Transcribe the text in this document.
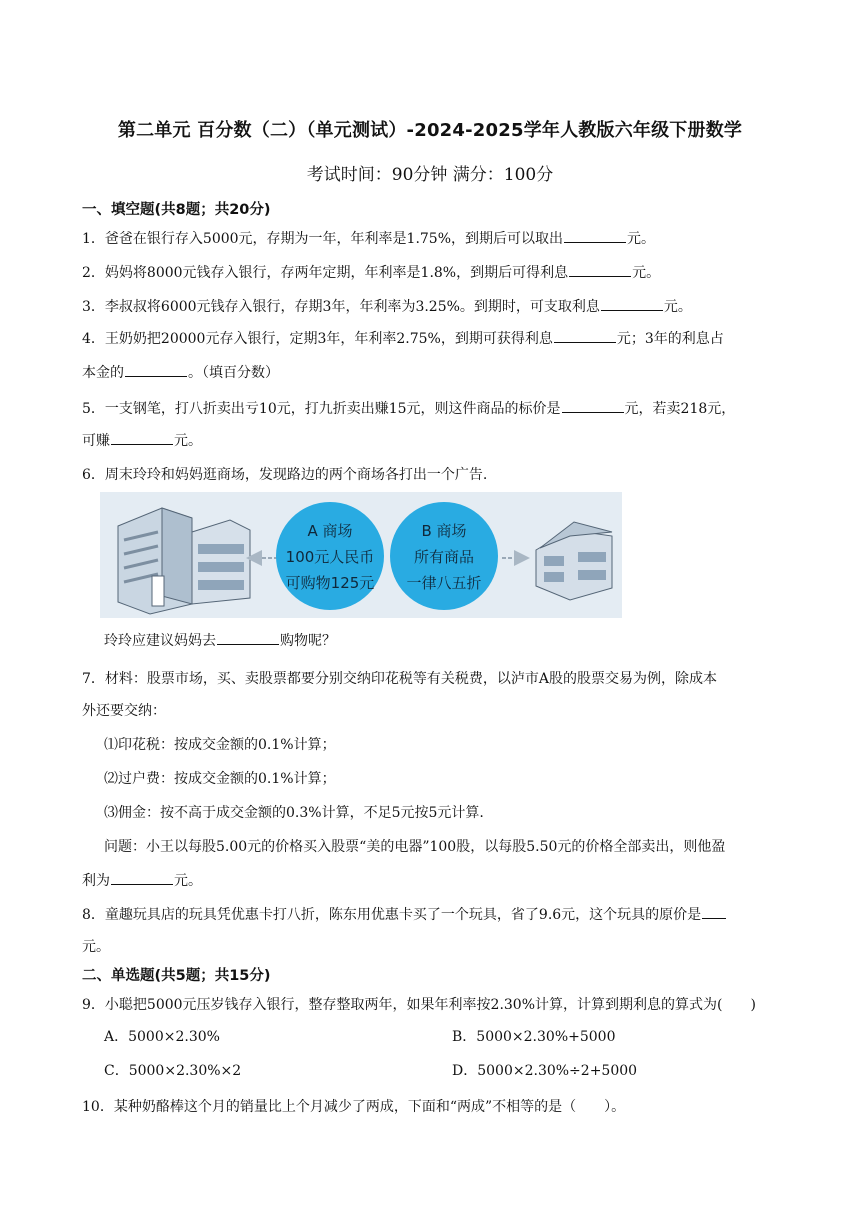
第二单元 百分数（二）（单元测试）-2024-2025学年人教版六年级下册数学
考试时间：90分钟 满分：100分
一、填空题(共8题；共20分)
1．爸爸在银行存入5000元，存期为一年，年利率是1.75%，到期后可以取出	元。
2．妈妈将8000元钱存入银行，存两年定期，年利率是1.8%，到期后可得利息	元。
3．李叔叔将6000元钱存入银行，存期3年，年利率为3.25%。到期时，可支取利息	元。
4．王奶奶把20000元存入银行，定期3年，年利率2.75%，到期可获得利息	元；3年的利息占
本金的	。（填百分数）
5．一支钢笔，打八折卖出亏10元，打九折卖出赚15元，则这件商品的标价是	元，若卖218元，
可赚	元。
6．周末玲玲和妈妈逛商场，发现路边的两个商场各打出一个广告.
A 商场
100元人民币
可购物125元
B 商场
所有商品
一律八五折
玲玲应建议妈妈去	购物呢？
7．材料：股票市场，买、卖股票都要分别交纳印花税等有关税费，以泸市A股的股票交易为例，除成本
外还要交纳：
⑴印花税：按成交金额的0.1%计算；
⑵过户费：按成交金额的0.1%计算；
⑶佣金：按不高于成交金额的0.3%计算，不足5元按5元计算.
问题：小王以每股5.00元的价格买入股票“美的电器”100股，以每股5.50元的价格全部卖出，则他盈
利为	元。
8．童趣玩具店的玩具凭优惠卡打八折，陈东用优惠卡买了一个玩具，省了9.6元，这个玩具的原价是
元。
二、单选题(共5题；共15分)
9．小聪把5000元压岁钱存入银行，整存整取两年，如果年利率按2.30%计算，计算到期利息的算式为(　　)
A．5000×2.30%	B．5000×2.30%+5000
C．5000×2.30%×2	D．5000×2.30%÷2+5000
10．某种奶酪棒这个月的销量比上个月减少了两成，下面和“两成”不相等的是（　　）。
